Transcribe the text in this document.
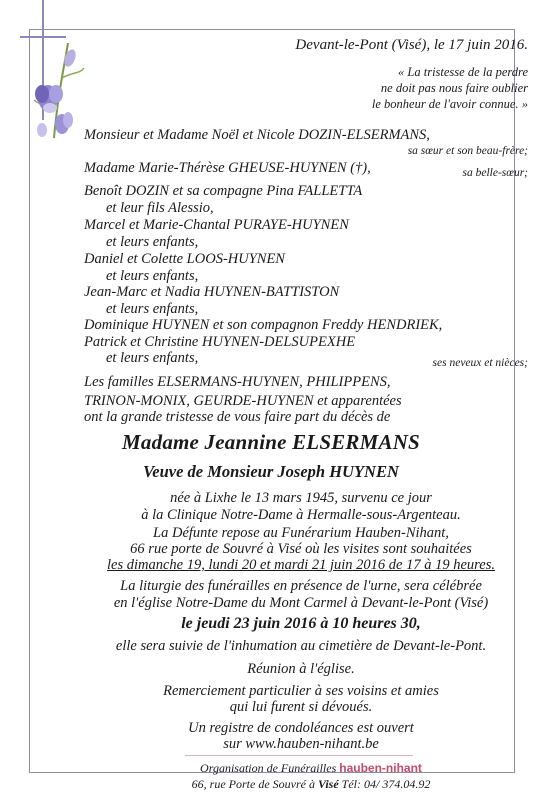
Devant-le-Pont (Visé), le 17 juin 2016.
« La tristesse de la perdre
ne doit pas nous faire oublier
le bonheur de l'avoir connue. »
Monsieur et Madame Noël et Nicole DOZIN-ELSERMANS,
sa sœur et son beau-frère;
Madame Marie-Thérèse GHEUSE-HUYNEN (†),	sa belle-sœur;
Benoît DOZIN et sa compagne Pina FALLETTA
et leur fils Alessio,
Marcel et Marie-Chantal PURAYE-HUYNEN
et leurs enfants,
Daniel et Colette LOOS-HUYNEN
et leurs enfants,
Jean-Marc et Nadia HUYNEN-BATTISTON
et leurs enfants,
Dominique HUYNEN et son compagnon Freddy HENDRIEK,
Patrick et Christine HUYNEN-DELSUPEXHE
et leurs enfants,	ses neveux et nièces;
Les familles ELSERMANS-HUYNEN, PHILIPPENS,
TRINON-MONIX, GEURDE-HUYNEN et apparentées
ont la grande tristesse de vous faire part du décès de
Madame Jeannine ELSERMANS
Veuve de Monsieur Joseph HUYNEN
née à Lixhe le 13 mars 1945, survenu ce jour
à la Clinique Notre-Dame à Hermalle-sous-Argenteau.
La Défunte repose au Funérarium Hauben-Nihant,
66 rue porte de Souvré à Visé où les visites sont souhaitées
les dimanche 19, lundi 20 et mardi 21 juin 2016 de 17 à 19 heures.
La liturgie des funérailles en présence de l'urne, sera célébrée
en l'église Notre-Dame du Mont Carmel à Devant-le-Pont (Visé)
le jeudi 23 juin 2016 à 10 heures 30,
elle sera suivie de l'inhumation au cimetière de Devant-le-Pont.
Réunion à l'église.
Remerciement particulier à ses voisins et amies
qui lui furent si dévoués.
Un registre de condoléances est ouvert
sur www.hauben-nihant.be
Organisation de Funérailles hauben-nihant
66, rue Porte de Souvré à Visé Tél: 04/ 374.04.92
